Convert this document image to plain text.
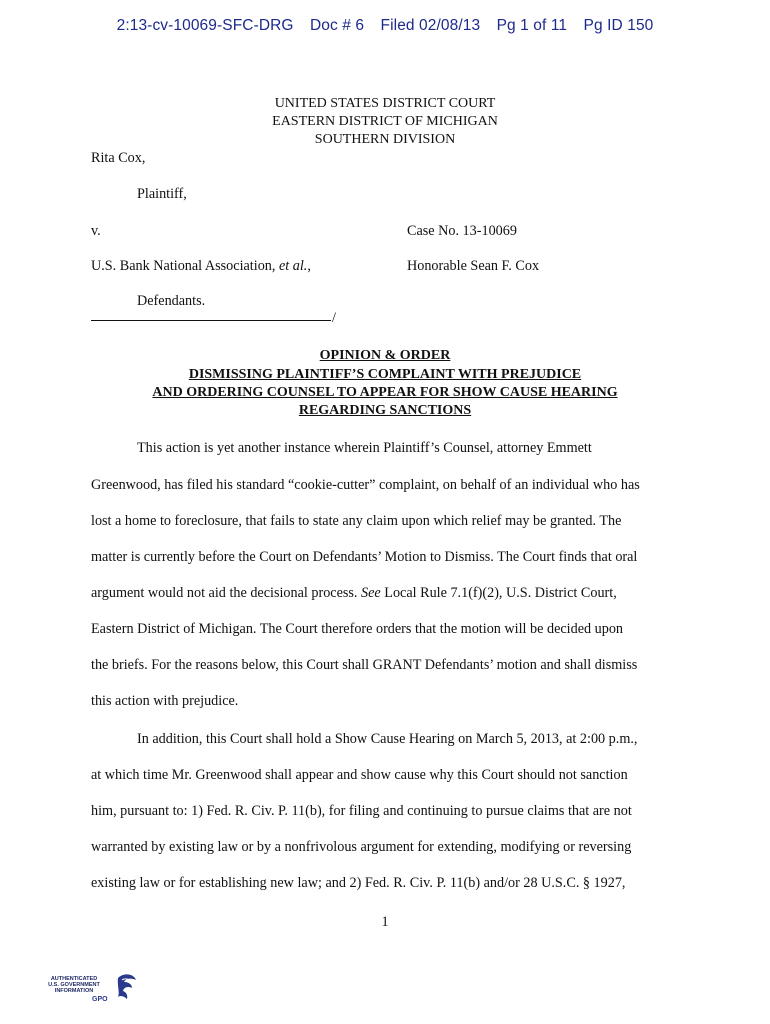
2:13-cv-10069-SFC-DRG Doc # 6 Filed 02/08/13 Pg 1 of 11 Pg ID 150
UNITED STATES DISTRICT COURT
EASTERN DISTRICT OF MICHIGAN
SOUTHERN DIVISION
Rita Cox,
Plaintiff,
v.	Case No. 13-10069
U.S. Bank National Association, et al.,	Honorable Sean F. Cox
Defendants.
/
OPINION & ORDER
DISMISSING PLAINTIFF’S COMPLAINT WITH PREJUDICE
AND ORDERING COUNSEL TO APPEAR FOR SHOW CAUSE HEARING
REGARDING SANCTIONS
This action is yet another instance wherein Plaintiff’s Counsel, attorney Emmett
Greenwood, has filed his standard “cookie-cutter” complaint, on behalf of an individual who has
lost a home to foreclosure, that fails to state any claim upon which relief may be granted. The
matter is currently before the Court on Defendants’ Motion to Dismiss. The Court finds that oral
argument would not aid the decisional process. See Local Rule 7.1(f)(2), U.S. District Court,
Eastern District of Michigan. The Court therefore orders that the motion will be decided upon
the briefs. For the reasons below, this Court shall GRANT Defendants’ motion and shall dismiss
this action with prejudice.
In addition, this Court shall hold a Show Cause Hearing on March 5, 2013, at 2:00 p.m.,
at which time Mr. Greenwood shall appear and show cause why this Court should not sanction
him, pursuant to: 1) Fed. R. Civ. P. 11(b), for filing and continuing to pursue claims that are not
warranted by existing law or by a nonfrivolous argument for extending, modifying or reversing
existing law or for establishing new law; and 2) Fed. R. Civ. P. 11(b) and/or 28 U.S.C. § 1927,
1
AUTHENTICATED
U.S. GOVERNMENT
INFORMATION
GPO
